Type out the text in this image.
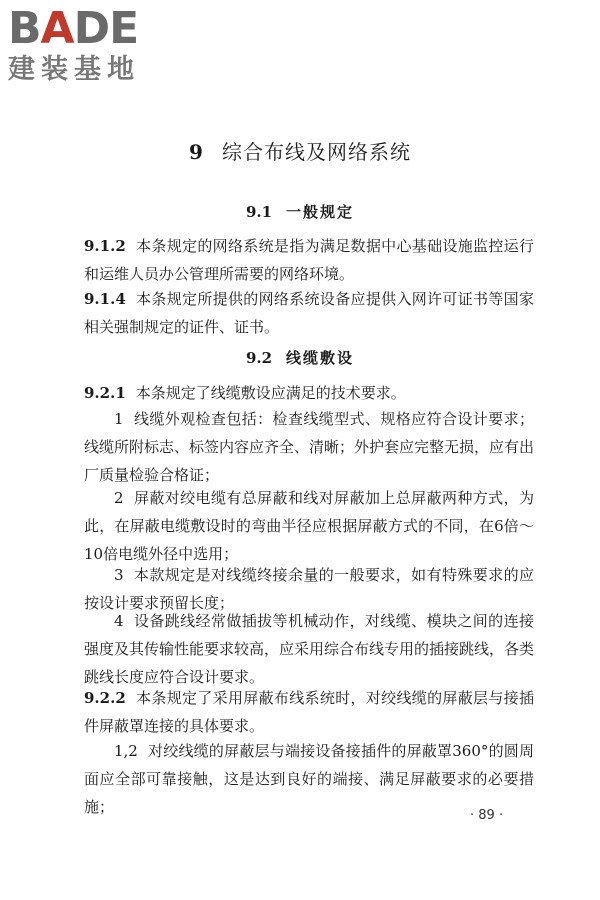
B A DE
建装基地
9 综合布线及网络系统
9.1 一般规定
9.1.2 本条规定的网络系统是指为满足数据中心基础设施监控运行和运维人员办公管理所需要的网络环境。
9.1.4 本条规定所提供的网络系统设备应提供入网许可证书等国家相关强制规定的证件、证书。
9.2 线缆敷设
9.2.1 本条规定了线缆敷设应满足的技术要求。
1 线缆外观检查包括：检查线缆型式、规格应符合设计要求；线缆所附标志、标签内容应齐全、清晰；外护套应完整无损，应有出厂质量检验合格证；
2 屏蔽对绞电缆有总屏蔽和线对屏蔽加上总屏蔽两种方式，为此，在屏蔽电缆敷设时的弯曲半径应根据屏蔽方式的不同，在6倍～10倍电缆外径中选用；
3 本款规定是对线缆终接余量的一般要求，如有特殊要求的应按设计要求预留长度；
4 设备跳线经常做插拔等机械动作，对线缆、模块之间的连接强度及其传输性能要求较高，应采用综合布线专用的插接跳线，各类跳线长度应符合设计要求。
9.2.2 本条规定了采用屏蔽布线系统时，对绞线缆的屏蔽层与接插件屏蔽罩连接的具体要求。
1,2 对绞线缆的屏蔽层与端接设备接插件的屏蔽罩360°的圆周面应全部可靠接触，这是达到良好的端接、满足屏蔽要求的必要措施；	· 89 ·
